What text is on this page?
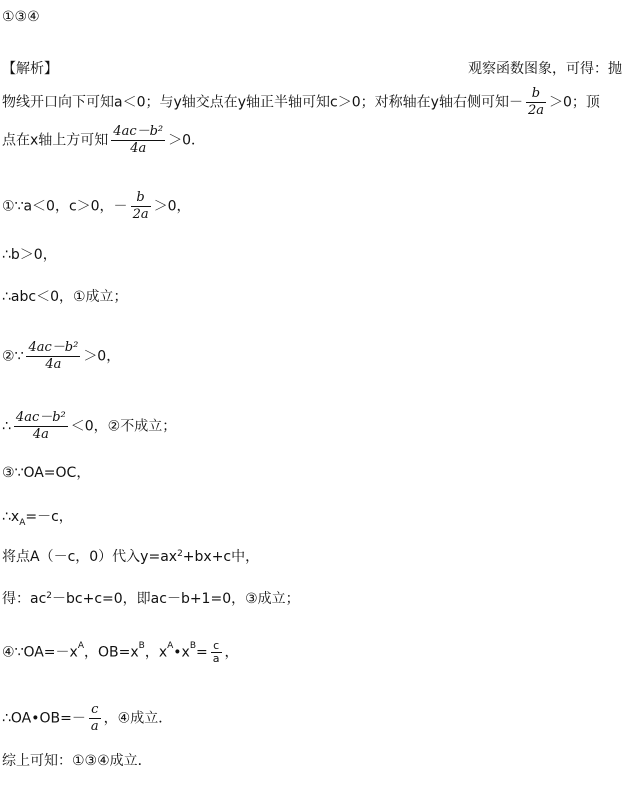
①③④
【解析】	观察函数图象，可得：抛
物线开口向下可知a＜0；与y轴交点在y轴正半轴可知c＞0；对称轴在y轴右侧可知－ $\frac{b}{2a} >0$；顶
点在x轴上方可知 $\frac{\text{4ac－b²}}{4a} >0$．
①∵a＜0，c＞0，－ $\frac{b}{2a} >0$，
∴b＞0，
∴abc＜0，①成立；
②∵ $\frac{\text{4ac－b²}}{4a} >0$，
∴ $\frac{\text{4ac－b²}}{4a} <0$，②不成立；
③∵OA=OC，
$\therefore x_A=-c$，
将点A（－c，0）代入$y=ax^2+bx+c$中，
得：$ac^2-bc+c=0$，即ac－b+1=0，③成立；
$④\because OA=-x^A$，$OB=x^B$，$x^A•x^B= \frac{c}{a}$ ，
∴OA•OB=－ $\frac{c}{a}$ ，④成立．
综上可知：①③④成立．
